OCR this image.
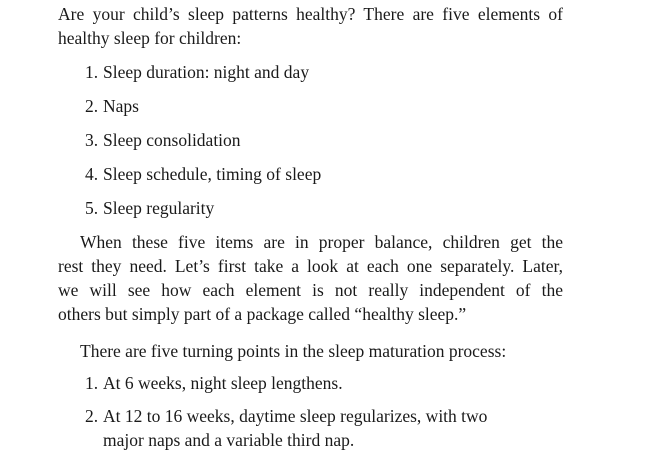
Are your child’s sleep patterns healthy? There are five elements of
healthy sleep for children:
1. Sleep duration: night and day
2. Naps
3. Sleep consolidation
4. Sleep schedule, timing of sleep
5. Sleep regularity
When these five items are in proper balance, children get the
rest they need. Let’s first take a look at each one separately. Later,
we will see how each element is not really independent of the
others but simply part of a package called “healthy sleep.”
There are five turning points in the sleep maturation process:
1. At 6 weeks, night sleep lengthens.
2. At 12 to 16 weeks, daytime sleep regularizes, with two
major naps and a variable third nap.
